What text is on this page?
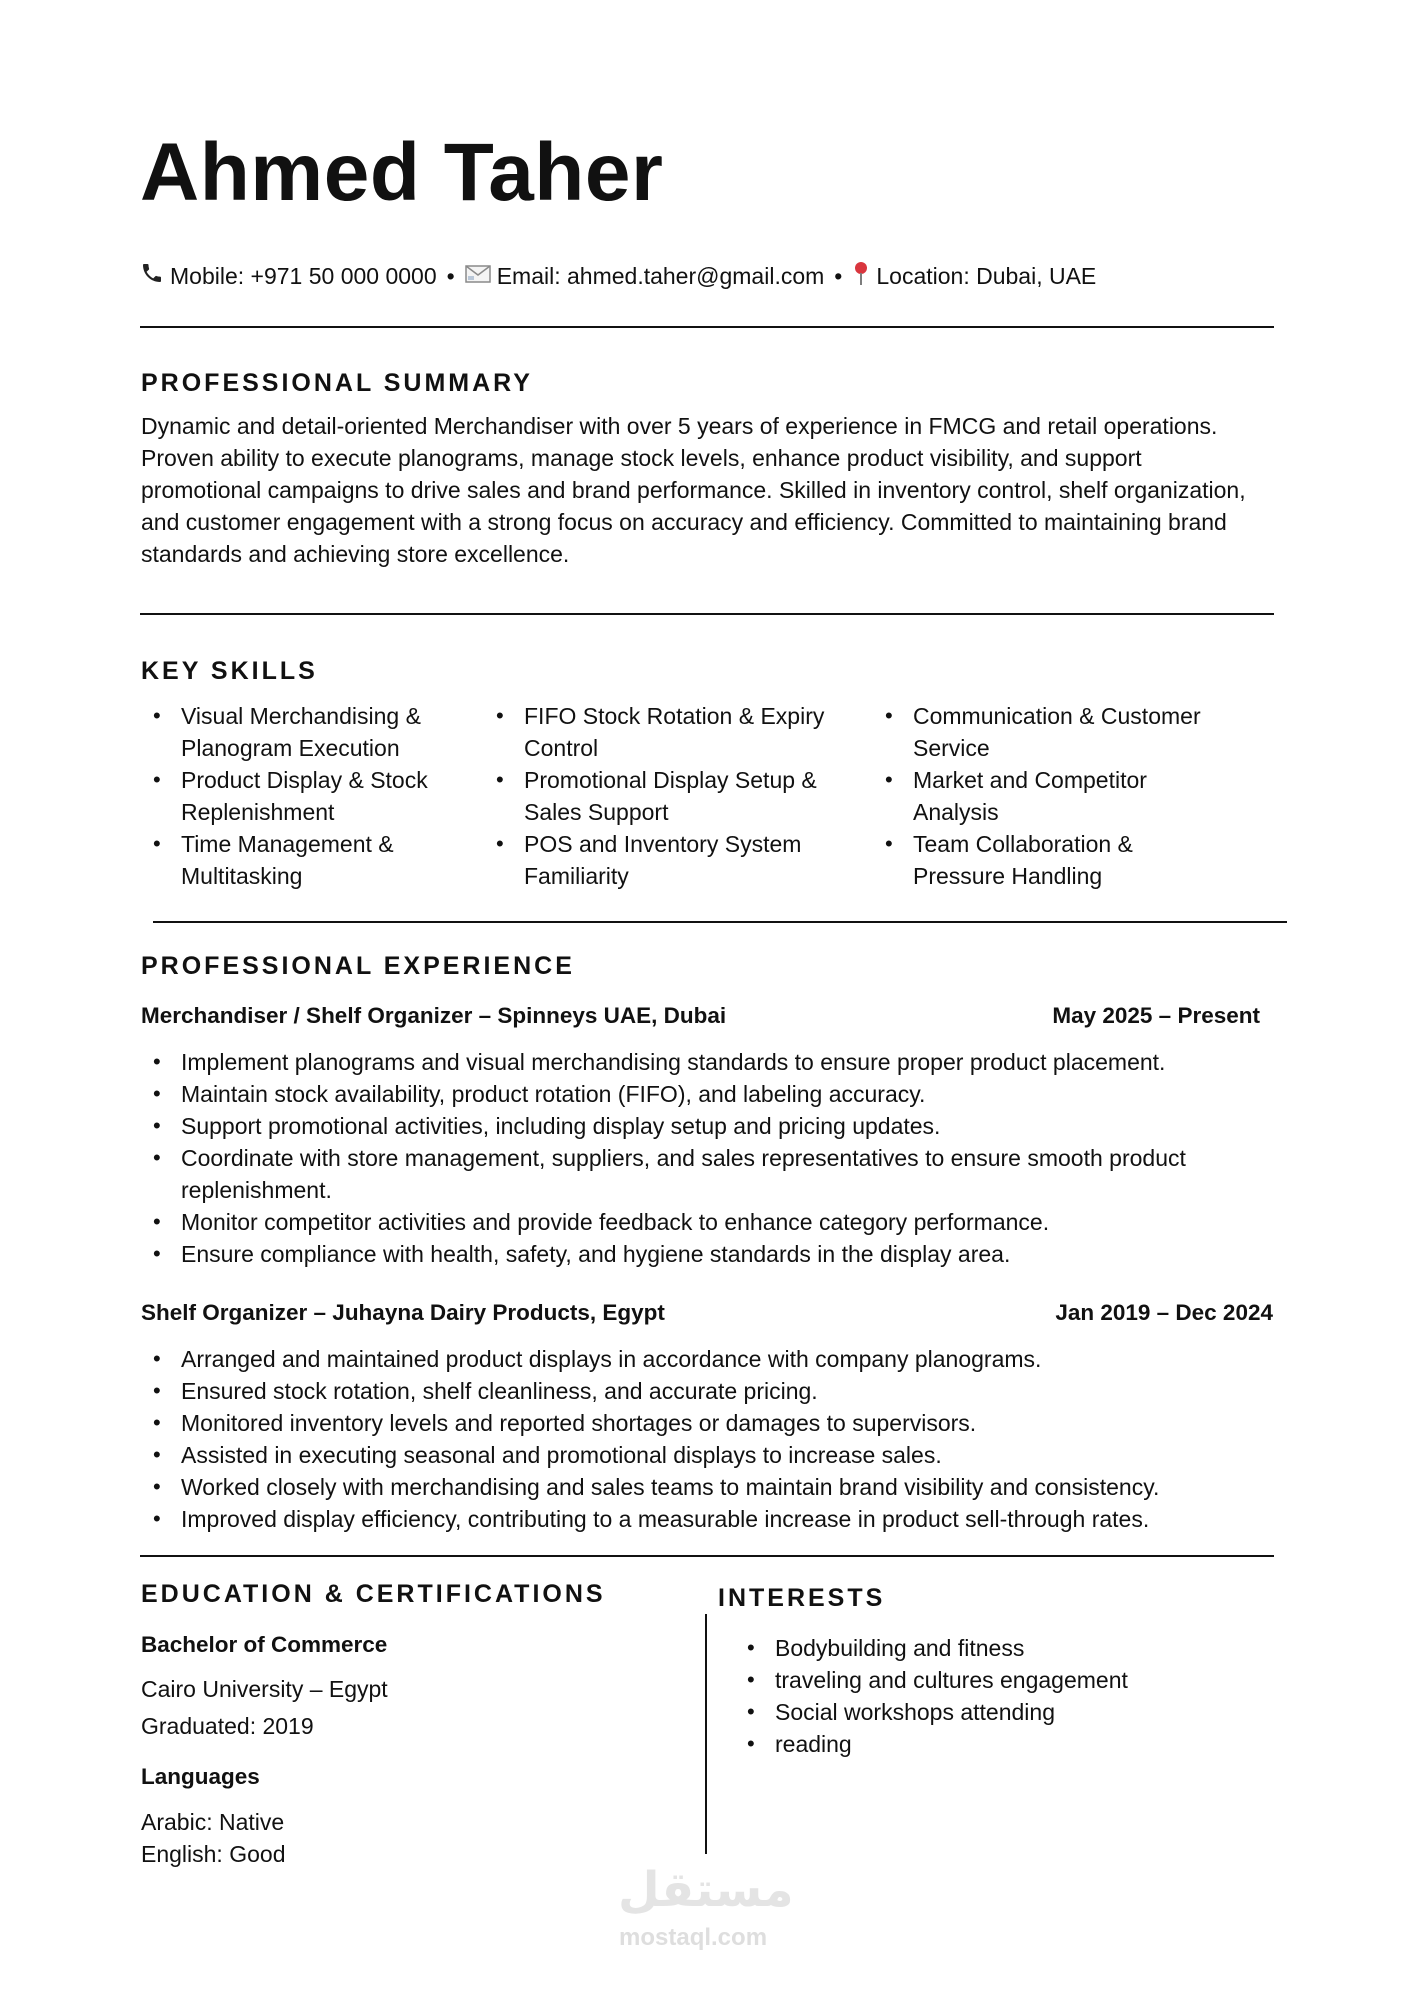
Ahmed Taher
Mobile: +971 50 000 0000 • Email: ahmed.taher@gmail.com • Location: Dubai, UAE
PROFESSIONAL SUMMARY
Dynamic and detail-oriented Merchandiser with over 5 years of experience in FMCG and retail operations.
Proven ability to execute planograms, manage stock levels, enhance product visibility, and support
promotional campaigns to drive sales and brand performance. Skilled in inventory control, shelf organization,
and customer engagement with a strong focus on accuracy and efficiency. Committed to maintaining brand
standards and achieving store excellence.
KEY SKILLS
• Visual Merchandising &
Planogram Execution
• Product Display & Stock
Replenishment
• Time Management &
Multitasking
• FIFO Stock Rotation & Expiry
Control
• Promotional Display Setup &
Sales Support
• POS and Inventory System
Familiarity
• Communication & Customer
Service
• Market and Competitor
Analysis
• Team Collaboration &
Pressure Handling
PROFESSIONAL EXPERIENCE
Merchandiser / Shelf Organizer – Spinneys UAE, Dubai	May 2025 – Present
• Implement planograms and visual merchandising standards to ensure proper product placement.
• Maintain stock availability, product rotation (FIFO), and labeling accuracy.
• Support promotional activities, including display setup and pricing updates.
• Coordinate with store management, suppliers, and sales representatives to ensure smooth product
replenishment.
• Monitor competitor activities and provide feedback to enhance category performance.
• Ensure compliance with health, safety, and hygiene standards in the display area.
Shelf Organizer – Juhayna Dairy Products, Egypt	Jan 2019 – Dec 2024
• Arranged and maintained product displays in accordance with company planograms.
• Ensured stock rotation, shelf cleanliness, and accurate pricing.
• Monitored inventory levels and reported shortages or damages to supervisors.
• Assisted in executing seasonal and promotional displays to increase sales.
• Worked closely with merchandising and sales teams to maintain brand visibility and consistency.
• Improved display efficiency, contributing to a measurable increase in product sell-through rates.
EDUCATION & CERTIFICATIONS
Bachelor of Commerce
Cairo University – Egypt
Graduated: 2019
Languages
Arabic: Native
English: Good
INTERESTS
• Bodybuilding and fitness
• traveling and cultures engagement
• Social workshops attending
• reading
مستقل
mostaql.com
